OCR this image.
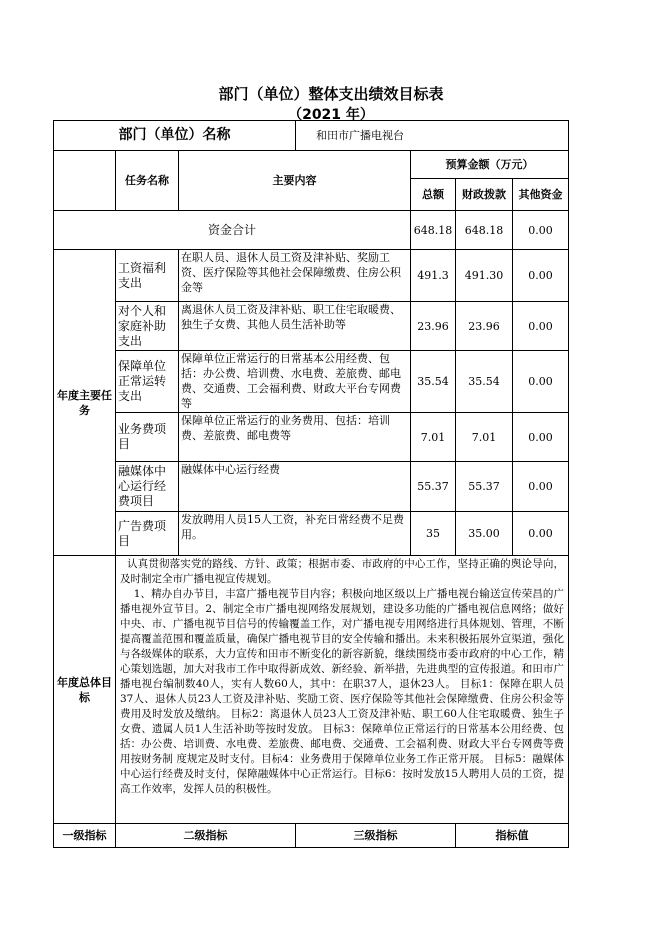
部门（单位）整体支出绩效目标表
（2021 年）
部门（单位）名称			和田市广播电视台			
	任务名称	主要内容		预算金额（万元）		
				总额	财政拨款	其他资金
资金合计				648.18	648.18	0.00
年度主要任务	工资福利支出	在职人员、退休人员工资及津补贴、奖励工资、医疗保险等其他社会保障缴费、住房公积金等		491.3	491.30	0.00
	对个人和家庭补助支出	离退休人员工资及津补贴、职工住宅取暖费、独生子女费、其他人员生活补助等		23.96	23.96	0.00
	保障单位正常运转支出	保障单位正常运行的日常基本公用经费、包括：办公费、培训费、水电费、差旅费、邮电费、交通费、工会福利费、财政大平台专网费等		35.54	35.54	0.00
	业务费项目	保障单位正常运行的业务费用、包括：培训费、差旅费、邮电费等		7.01	7.01	0.00
	融媒体中心运行经费项目	融媒体中心运行经费		55.37	55.37	0.00
	广告费项目	发放聘用人员15人工资，补充日常经费不足费用。		35	35.00	0.00
年度总体目标	认真贯彻落实党的路线、方针、政策；根据市委、市政府的中心工作，坚持正确的舆论导向，及时制定全市广播电视宣传规划。
1、精办自办节目，丰富广播电视节目内容；积极向地区级以上广播电视台输送宣传荣昌的广播电视外宣节目。2、制定全市广播电视网络发展规划，建设多功能的广播电视信息网络；做好中央、市、广播电视节目信号的传输覆盖工作，对广播电视专用网络进行具体规划、管理，不断提高覆盖范围和覆盖质量，确保广播电视节目的安全传输和播出。未来积极拓展外宣渠道，强化与各级媒体的联系，大力宣传和田市不断变化的新容新貌，继续围绕市委市政府的中心工作，精心策划选题，加大对我市工作中取得新成效、新经验、新举措，先进典型的宣传报道。和田市广播电视台编制数40人，实有人数60人，其中：在职37人，退休23人。 目标1：保障在职人员37人、退休人员23人工资及津补贴、奖励工资、医疗保险等其他社会保障缴费、住房公积金等费用及时发放及缴纳。 目标2：离退休人员23人工资及津补贴、职工60人住宅取暖费、独生子女费、遗属人员1人生活补助等按时发放。 目标3：保障单位正常运行的日常基本公用经费、包括：办公费、培训费、水电费、差旅费、邮电费、交通费、工会福利费、财政大平台专网费等费用按财务制 度规定及时支付。目标4：业务费用于保障单位业务工作正常开展。 目标5：融媒体中心运行经费及时支付，保障融媒体中心正常运行。目标6：按时发放15人聘用人员的工资，提高工作效率，发挥人员的积极性。					
一级指标	二级指标		三级指标		指标值	
